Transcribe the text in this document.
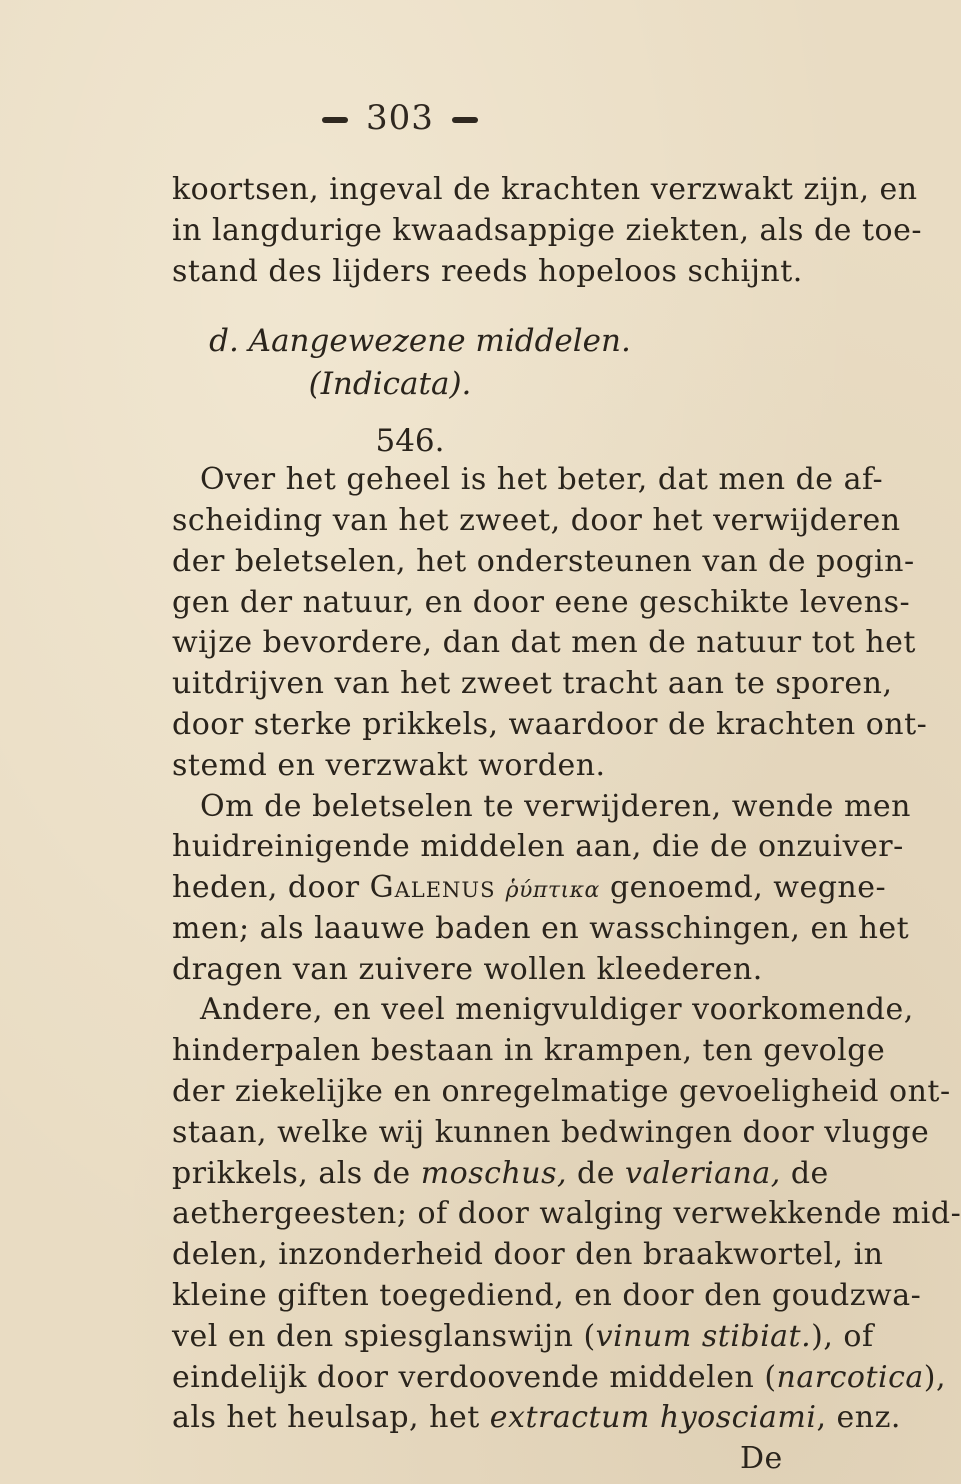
303
koortsen, ingeval de krachten verzwakt zijn, en
in langdurige kwaadsappige ziekten, als de toe-
stand des lijders reeds hopeloos schijnt.
d. Aangewezene middelen.
(Indicata).
546.
Over het geheel is het beter, dat men de af-
scheiding van het zweet, door het verwijderen
der beletselen, het ondersteunen van de pogin-
gen der natuur, en door eene geschikte levens-
wijze bevordere, dan dat men de natuur tot het
uitdrijven van het zweet tracht aan te sporen,
door sterke prikkels, waardoor de krachten ont-
stemd en verzwakt worden.
Om de beletselen te verwijderen, wende men
huidreinigende middelen aan, die de onzuiver-
heden, door Galenus ῥύπτικα genoemd, wegne-
men; als laauwe baden en wasschingen, en het
dragen van zuivere wollen kleederen.
Andere, en veel menigvuldiger voorkomende,
hinderpalen bestaan in krampen, ten gevolge
der ziekelijke en onregelmatige gevoeligheid ont-
staan, welke wij kunnen bedwingen door vlugge
prikkels, als de moschus, de valeriana, de
aethergeesten; of door walging verwekkende mid-
delen, inzonderheid door den braakwortel, in
kleine giften toegediend, en door den goudzwa-
vel en den spiesglanswijn (vinum stibiat.), of
eindelijk door verdoovende middelen (narcotica),
als het heulsap, het extractum hyosciami, enz.
De
